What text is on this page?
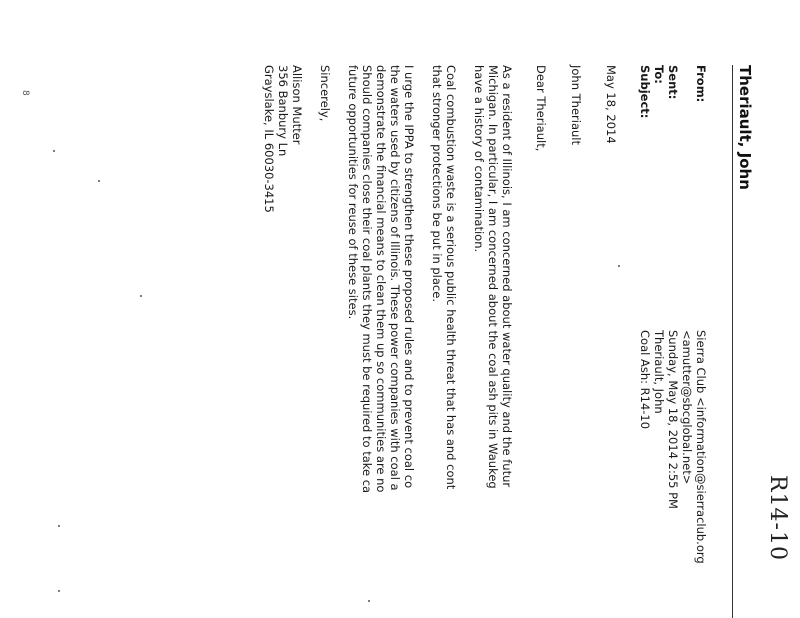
R14-10
Theriault, John
From:
Sierra Club <information@sierraclub.org
<amutter@sbcglobal.net>
Sent:
Sunday, May 18, 2014 2:55 PM
To:
Theriault, John
Subject:
Coal Ash: R14-10
May 18, 2014
John Theriault
Dear Theriault,
As a resident of Illinois, I am concerned about water quality and the futur
Michigan. In particular, I am concerned about the coal ash pits in Waukeg
have a history of contamination.
Coal combustion waste is a serious public health threat that has and cont
that stronger protections be put in place.
I urge the IPPA to strengthen these proposed rules and to prevent coal co
the waters used by citizens of Illinois. These power companies with coal a
demonstrate the financial means to clean them up so communities are no
Should companies close their coal plants they must be required to take ca
future opportunities for reuse of these sites.
Sincerely,
Allison Mutter
356 Banbury Ln
Grayslake, IL 60030-3415
8
